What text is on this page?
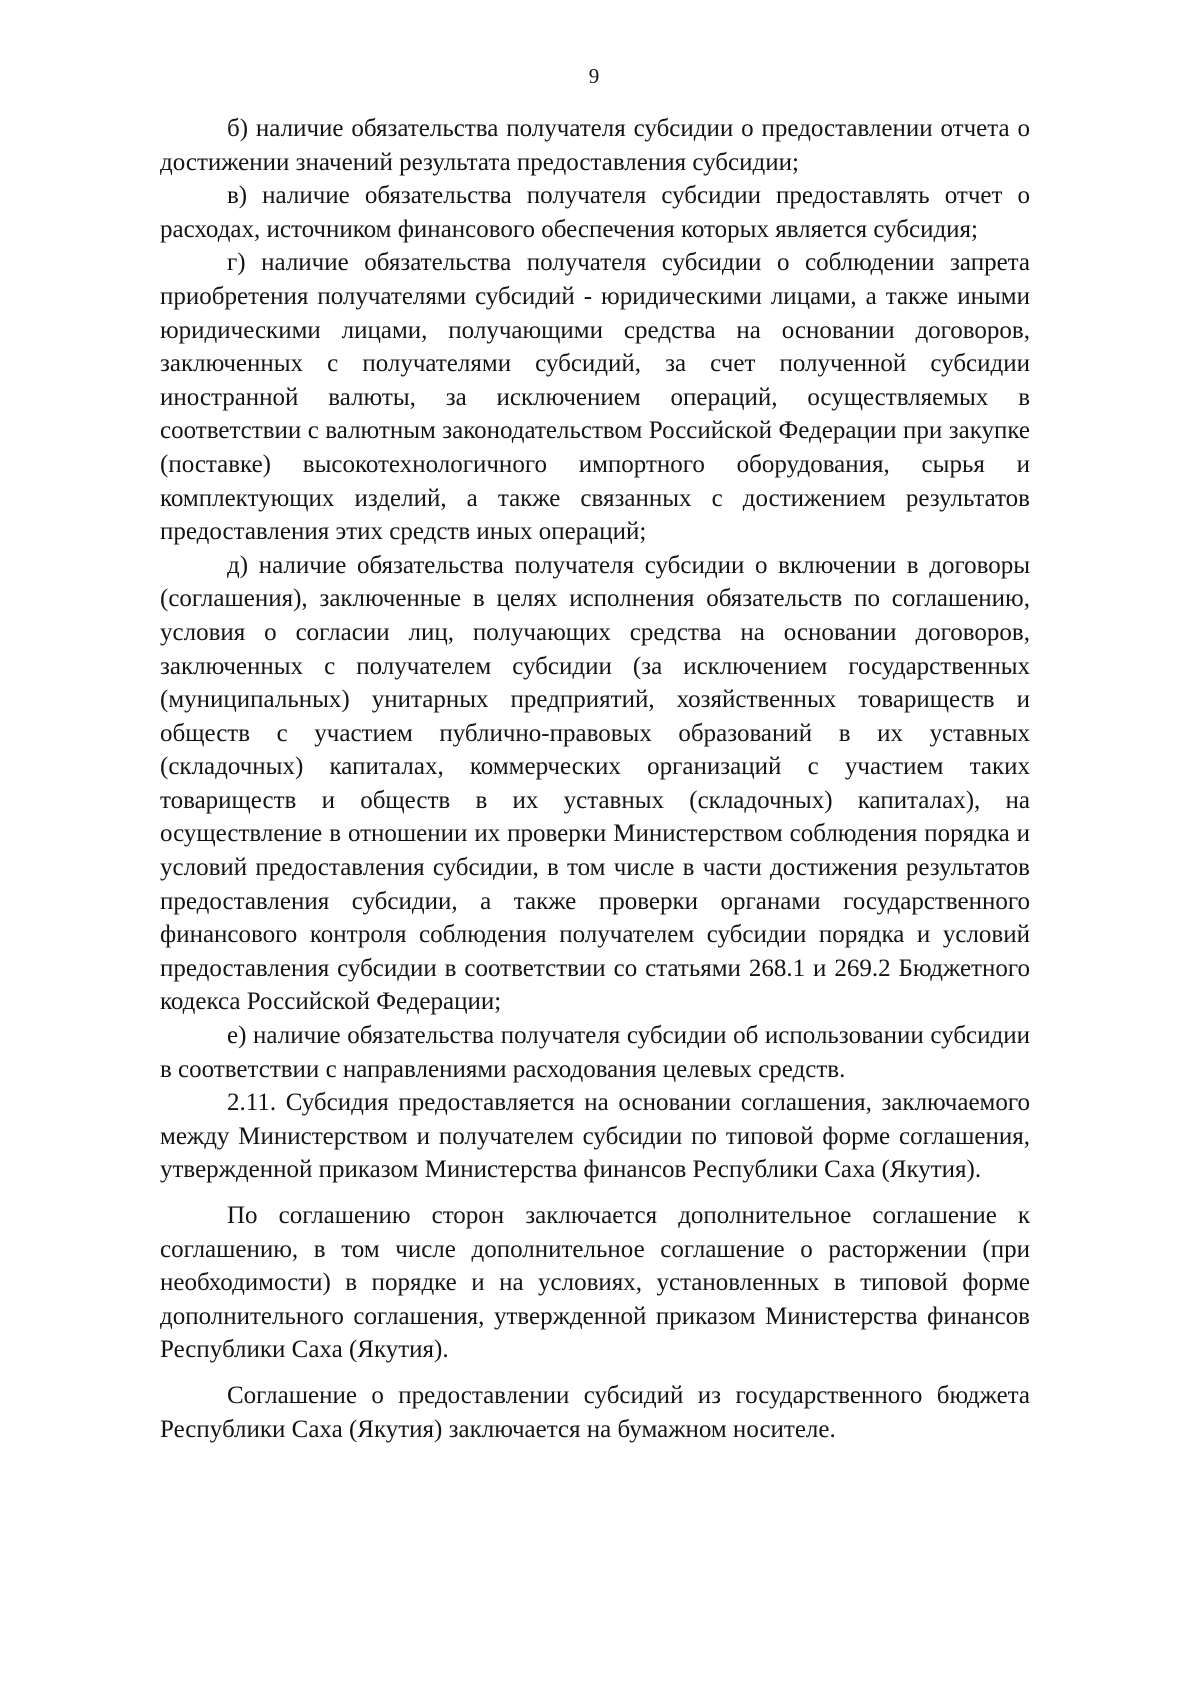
9

б) наличие обязательства получателя субсидии о предоставлении отчета о достижении значений результата предоставления субсидии;

в) наличие обязательства получателя субсидии предоставлять отчет о расходах, источником финансового обеспечения которых является субсидия;

г) наличие обязательства получателя субсидии о соблюдении запрета приобретения получателями субсидий - юридическими лицами, а также иными юридическими лицами, получающими средства на основании договоров, заключенных с получателями субсидий, за счет полученной субсидии иностранной валюты, за исключением операций, осуществляемых в соответствии с валютным законодательством Российской Федерации при закупке (поставке) высокотехнологичного импортного оборудования, сырья и комплектующих изделий, а также связанных с достижением результатов предоставления этих средств иных операций;

д) наличие обязательства получателя субсидии о включении в договоры (соглашения), заключенные в целях исполнения обязательств по соглашению, условия о согласии лиц, получающих средства на основании договоров, заключенных с получателем субсидии (за исключением государственных (муниципальных) унитарных предприятий, хозяйственных товариществ и обществ с участием публично-правовых образований в их уставных (складочных) капиталах, коммерческих организаций с участием таких товариществ и обществ в их уставных (складочных) капиталах), на осуществление в отношении их проверки Министерством соблюдения порядка и условий предоставления субсидии, в том числе в части достижения результатов предоставления субсидии, а также проверки органами государственного финансового контроля соблюдения получателем субсидии порядка и условий предоставления субсидии в соответствии со статьями 268.1 и 269.2 Бюджетного кодекса Российской Федерации;

е) наличие обязательства получателя субсидии об использовании субсидии в соответствии с направлениями расходования целевых средств.

2.11. Субсидия предоставляется на основании соглашения, заключаемого между Министерством и получателем субсидии по типовой форме соглашения, утвержденной приказом Министерства финансов Республики Саха (Якутия).

По соглашению сторон заключается дополнительное соглашение к соглашению, в том числе дополнительное соглашение о расторжении (при необходимости) в порядке и на условиях, установленных в типовой форме дополнительного соглашения, утвержденной приказом Министерства финансов Республики Саха (Якутия).

Соглашение о предоставлении субсидий из государственного бюджета Республики Саха (Якутия) заключается на бумажном носителе.
